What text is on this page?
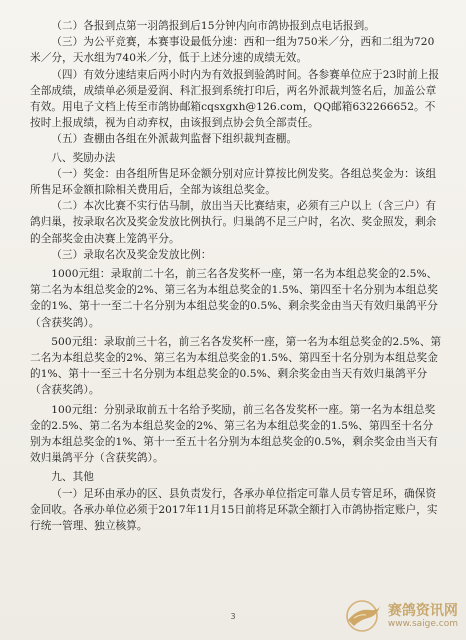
（二）各报到点第一羽鸽报到后15分钟内向市鸽协报到点电话报到。

（三）为公平竞赛，本赛事设最低分速：西和一组为750米／分，西和二组为720米／分，天水组为740米／分，低于上述分速的成绩无效。

（四）有效分速结束后两小时内为有效报到验鸽时间。各参赛单位应于23时前上报全部成绩，成绩单必须是爱润、科汇报到系统打印后，两名外派裁判签名后，加盖公章有效。用电子文档上传至市鸽协邮箱cqsxgxh@126.com，QQ邮箱632266652。不按时上报成绩，视为自动弃权，由该报到点协会负全部责任。

（五）查棚由各组在外派裁判监督下组织裁判查棚。

八、奖励办法

（一）奖金：由各组所售足环金额分别对应计算按比例发奖。各组总奖金为：该组所售足环金额扣除相关费用后，全部为该组总奖金。

（二）本次比赛不实行估马制，放出当天比赛结束，必须有三户以上（含三户）有鸽归巢，按录取名次及奖金发放比例执行。归巢鸽不足三户时，名次、奖金照发，剩余的全部奖金由决赛上笼鸽平分。

（三）录取名次及奖金发放比例：

1000元组：录取前二十名，前三名各发奖杯一座，第一名为本组总奖金的2.5%、第二名为本组总奖金的2%、第三名为本组总奖金的1.5%、第四至十名分别为本组总奖金的1%、第十一至二十名分别为本组总奖金的0.5%、剩余奖金由当天有效归巢鸽平分（含获奖鸽）。

500元组：录取前三十名，前三名各发奖杯一座，第一名为本组总奖金的2.5%、第二名为本组总奖金的2%、第三名为本组总奖金的1.5%、第四至十名分别为本组总奖金的1%、第十一至三十名分别为本组总奖金的0.5%、剩余奖金由当天有效归巢鸽平分（含获奖鸽）。

100元组：分别录取前五十名给予奖励，前三名各发奖杯一座。第一名为本组总奖金的2.5%、第二名为本组总奖金的2%、第三名为本组总奖金的1.5%、第四至十名分别为本组总奖金的1%、第十一至五十名分别为本组总奖金的0.5%，剩余奖金由当天有效归巢鸽平分（含获奖鸽）。

九、其他

（一）足环由承办的区、县负责发行，各承办单位指定可靠人员专管足环，确保资金回收。各承办单位必须于2017年11月15日前将足环款全额打入市鸽协指定账户，实行统一管理、独立核算。

3	赛鸽资讯网
www.saige.com
